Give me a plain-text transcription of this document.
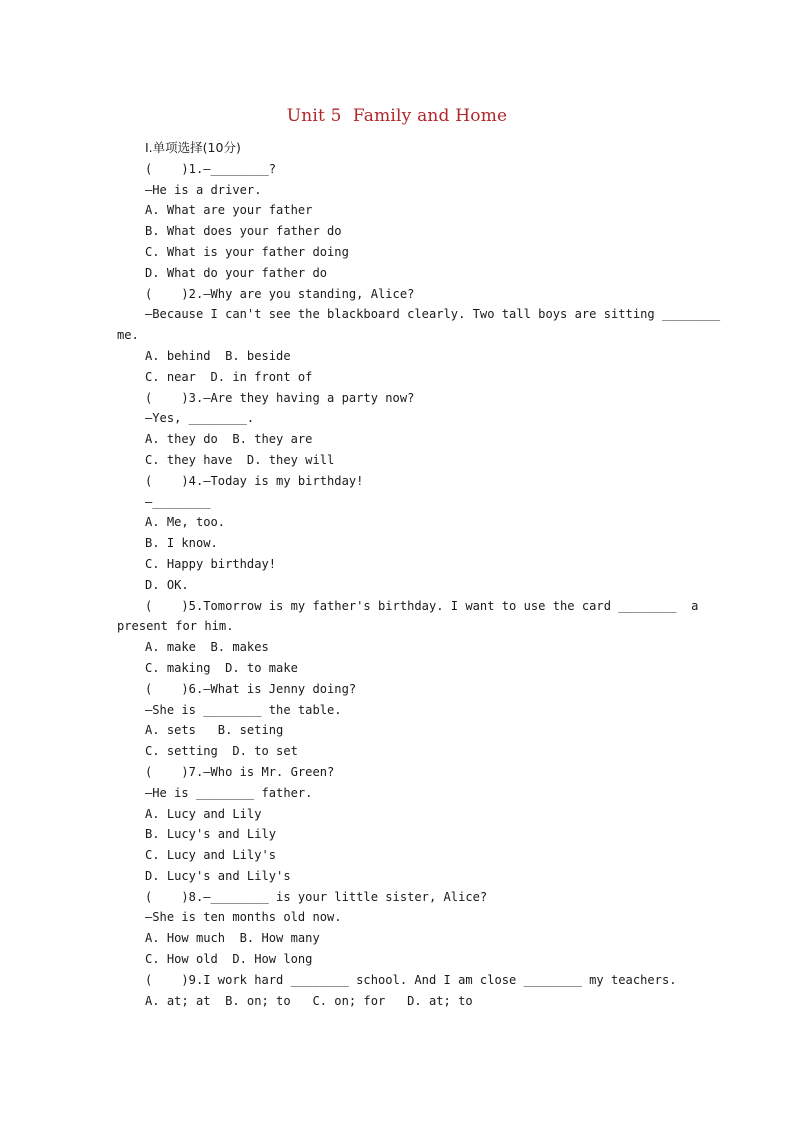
Unit 5  Family and Home
Ⅰ.单项选择(10分)
(    )1.—________?
—He is a driver.
A. What are your father
B. What does your father do
C. What is your father doing
D. What do your father do
(    )2.—Why are you standing, Alice?
—Because I can't see the blackboard clearly. Two tall boys are sitting ________
me.
A. behind  B. beside
C. near  D. in front of
(    )3.—Are they having a party now?
—Yes, ________.
A. they do  B. they are
C. they have  D. they will
(    )4.—Today is my birthday!
—________
A. Me, too.
B. I know.
C. Happy birthday!
D. OK.
(    )5.Tomorrow is my father's birthday. I want to use the card ________  a
present for him.
A. make  B. makes
C. making  D. to make
(    )6.—What is Jenny doing?
—She is ________ the table.
A. sets   B. seting
C. setting  D. to set
(    )7.—Who is Mr. Green?
—He is ________ father.
A. Lucy and Lily
B. Lucy's and Lily
C. Lucy and Lily's
D. Lucy's and Lily's
(    )8.—________ is your little sister, Alice?
—She is ten months old now.
A. How much  B. How many
C. How old  D. How long
(    )9.I work hard ________ school. And I am close ________ my teachers.
A. at; at  B. on; to   C. on; for   D. at; to
